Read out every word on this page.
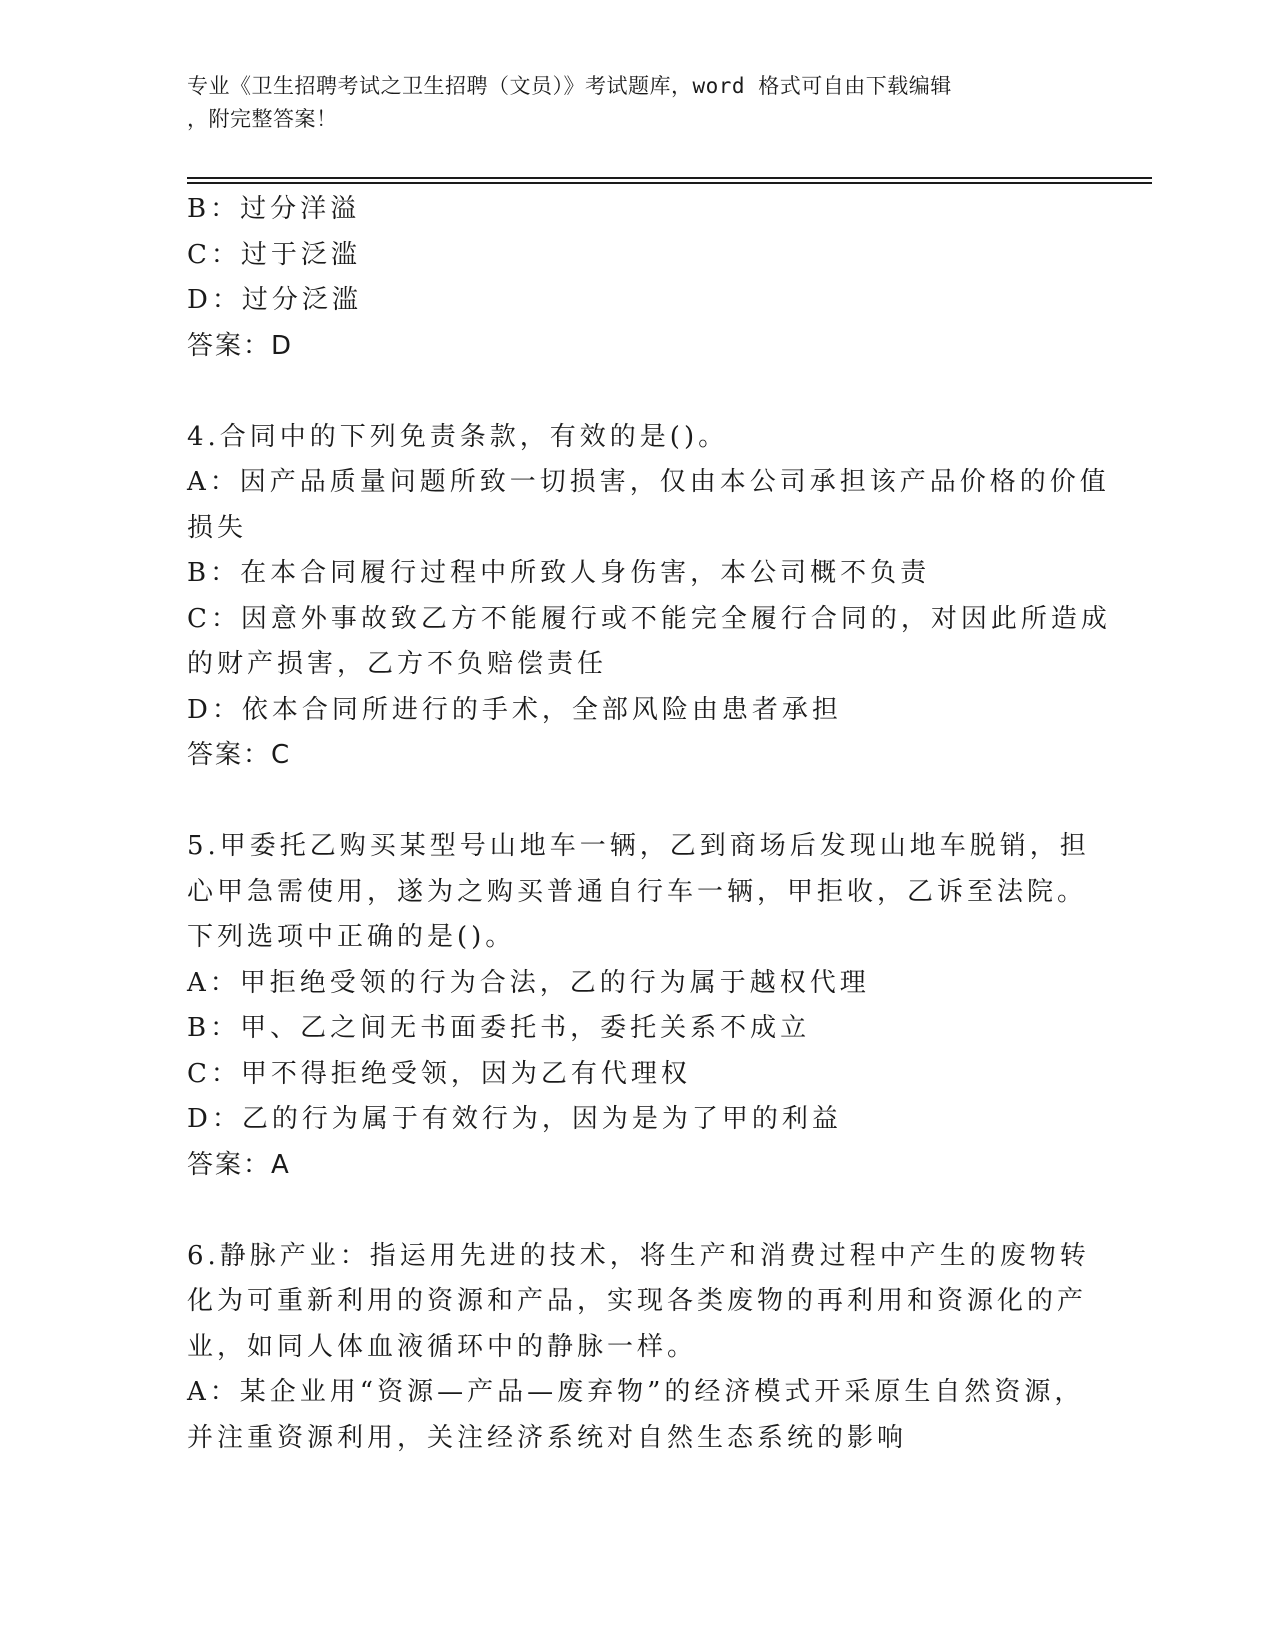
专业《卫生招聘考试之卫生招聘（文员）》考试题库，word 格式可自由下载编辑
，附完整答案！
B：过分洋溢
C：过于泛滥
D：过分泛滥
答案：D
4.合同中的下列免责条款，有效的是()。
A：因产品质量问题所致一切损害，仅由本公司承担该产品价格的价值
损失
B：在本合同履行过程中所致人身伤害，本公司概不负责
C：因意外事故致乙方不能履行或不能完全履行合同的，对因此所造成
的财产损害，乙方不负赔偿责任
D：依本合同所进行的手术，全部风险由患者承担
答案：C
5.甲委托乙购买某型号山地车一辆，乙到商场后发现山地车脱销，担
心甲急需使用，遂为之购买普通自行车一辆，甲拒收，乙诉至法院。
下列选项中正确的是()。
A：甲拒绝受领的行为合法，乙的行为属于越权代理
B：甲、乙之间无书面委托书，委托关系不成立
C：甲不得拒绝受领，因为乙有代理权
D：乙的行为属于有效行为，因为是为了甲的利益
答案：A
6.静脉产业：指运用先进的技术，将生产和消费过程中产生的废物转
化为可重新利用的资源和产品，实现各类废物的再利用和资源化的产
业，如同人体血液循环中的静脉一样。
A：某企业用“资源—产品—废弃物”的经济模式开采原生自然资源，
并注重资源利用，关注经济系统对自然生态系统的影响
